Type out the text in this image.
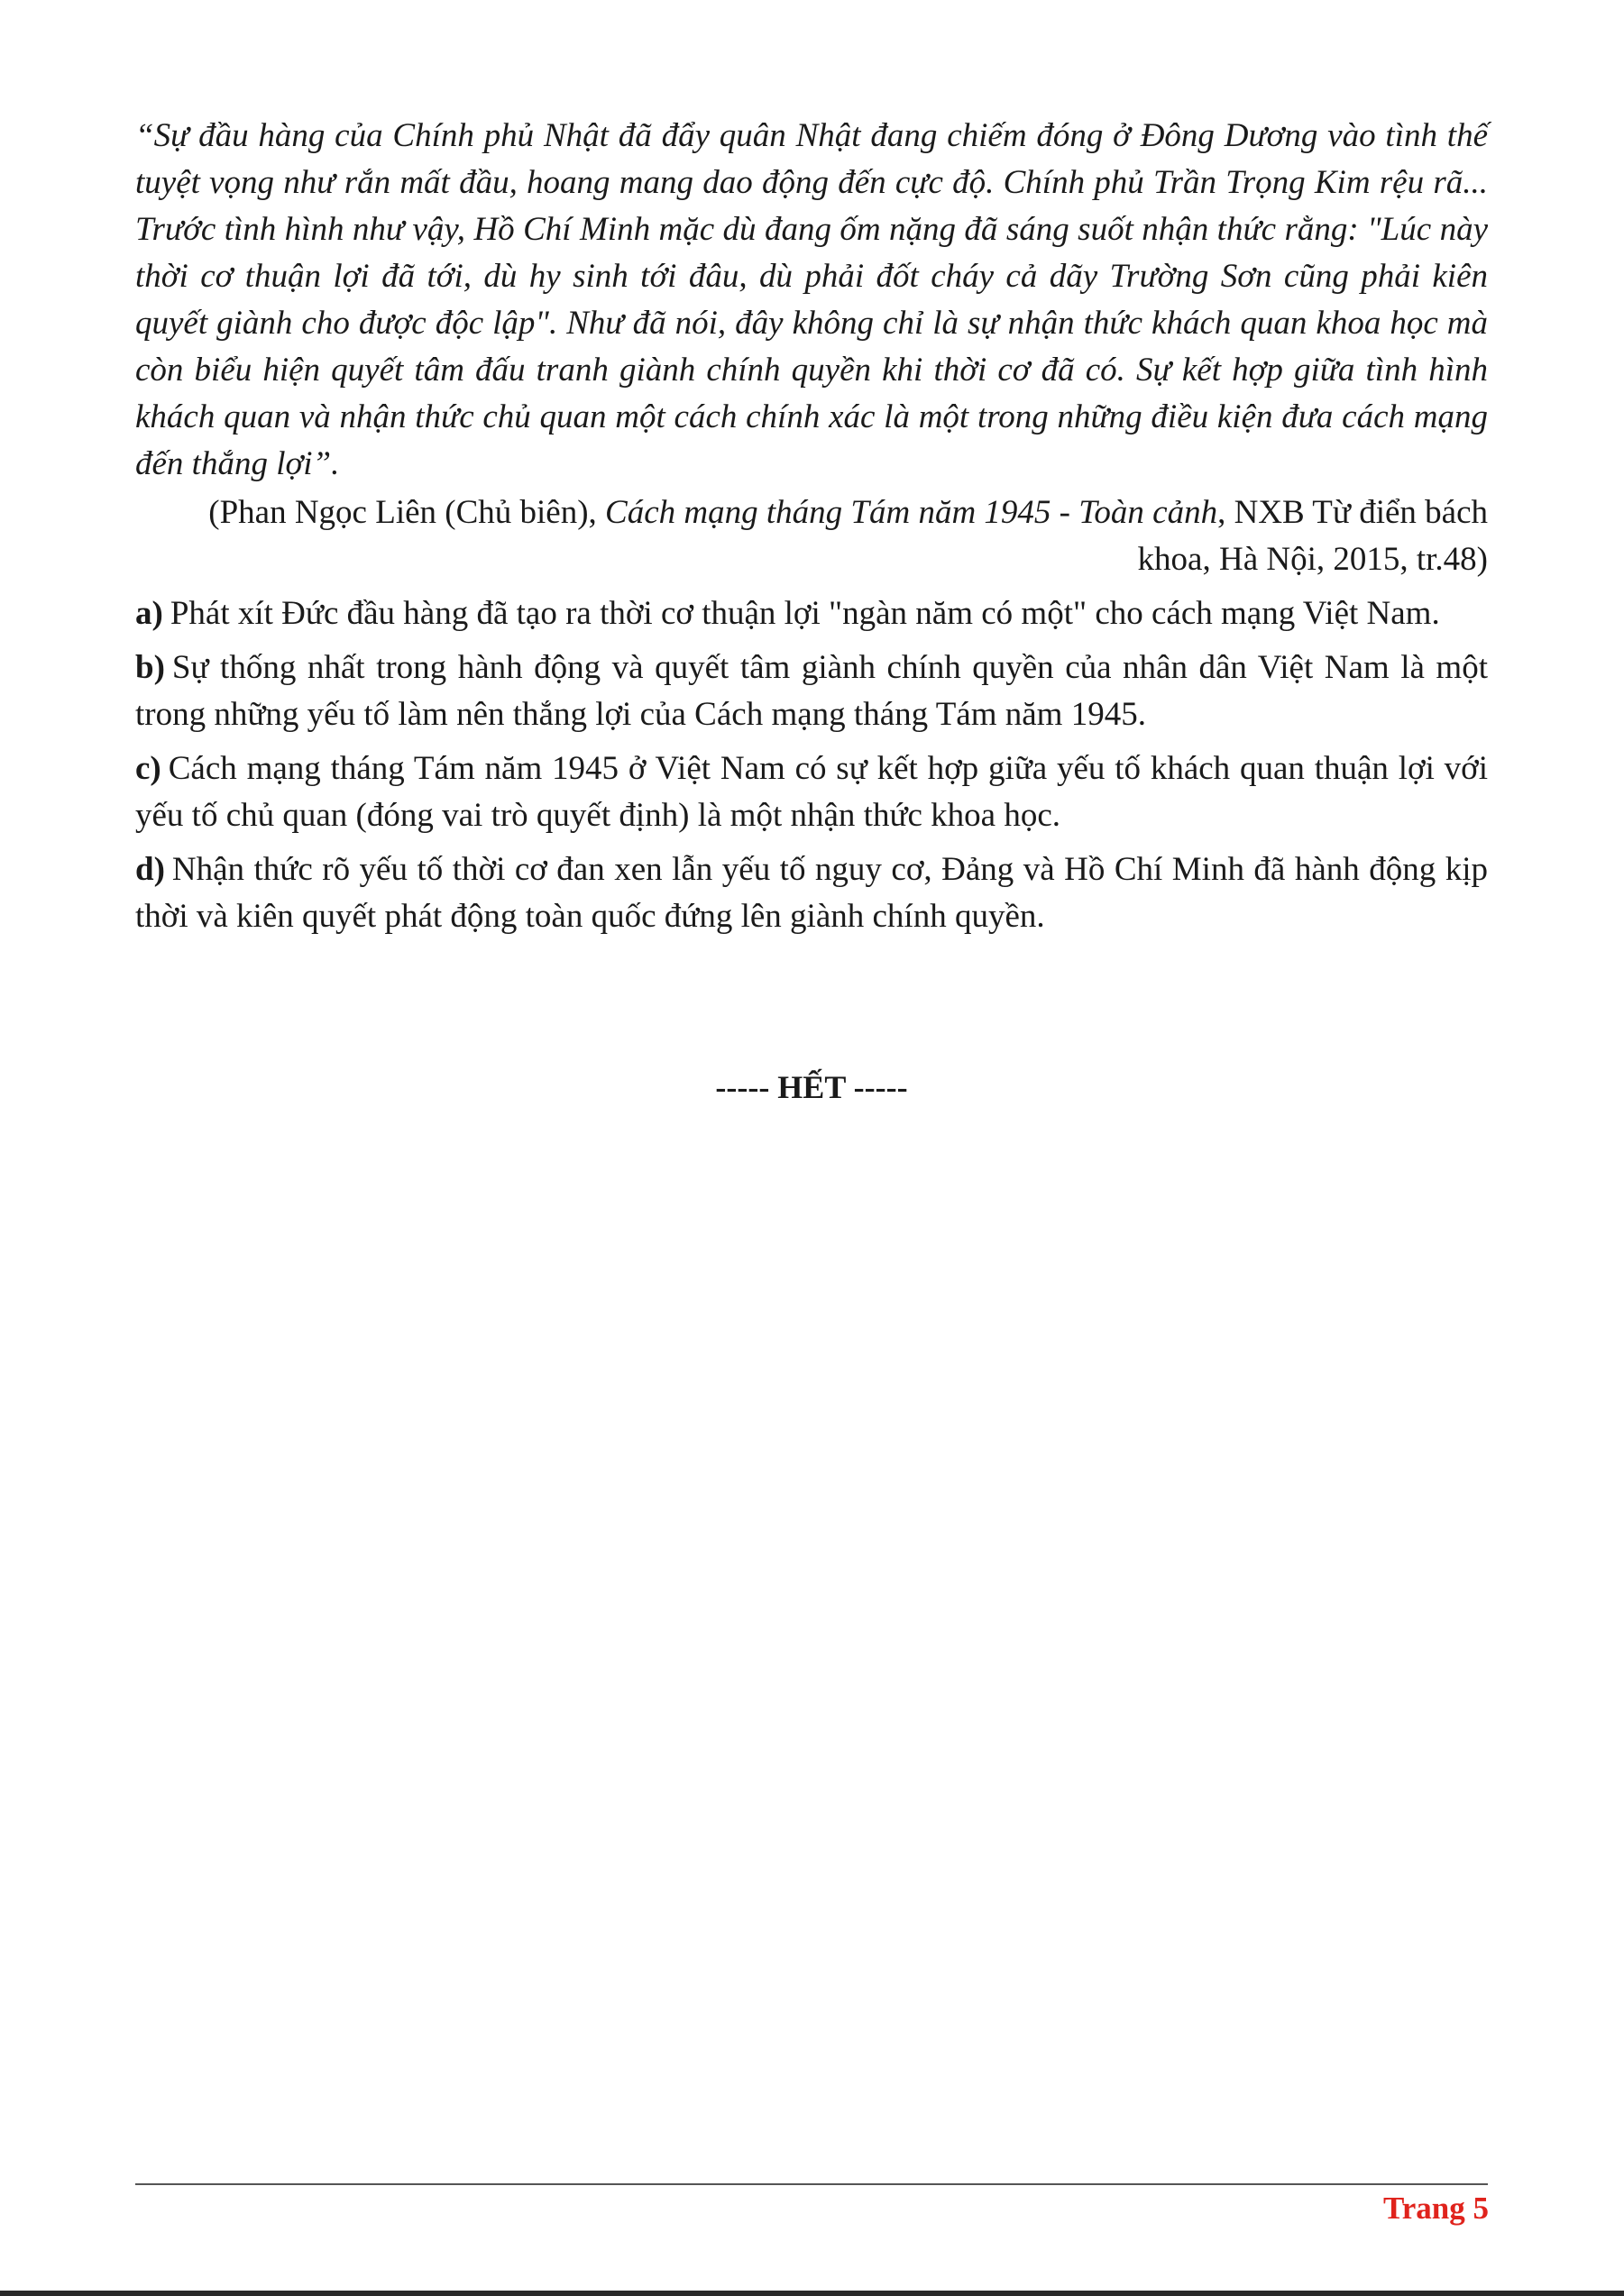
“Sự đầu hàng của Chính phủ Nhật đã đẩy quân Nhật đang chiếm đóng ở Đông Dương vào tình thế tuyệt vọng như rắn mất đầu, hoang mang dao động đến cực độ. Chính phủ Trần Trọng Kim rệu rã... Trước tình hình như vậy, Hồ Chí Minh mặc dù đang ốm nặng đã sáng suốt nhận thức rằng: "Lúc này thời cơ thuận lợi đã tới, dù hy sinh tới đâu, dù phải đốt cháy cả dãy Trường Sơn cũng phải kiên quyết giành cho được độc lập". Như đã nói, đây không chỉ là sự nhận thức khách quan khoa học mà còn biểu hiện quyết tâm đấu tranh giành chính quyền khi thời cơ đã có. Sự kết hợp giữa tình hình khách quan và nhận thức chủ quan một cách chính xác là một trong những điều kiện đưa cách mạng đến thắng lợi”.

(Phan Ngọc Liên (Chủ biên), Cách mạng tháng Tám năm 1945 - Toàn cảnh, NXB Từ điển bách khoa, Hà Nội, 2015, tr.48)

a) Phát xít Đức đầu hàng đã tạo ra thời cơ thuận lợi "ngàn năm có một" cho cách mạng Việt Nam.

b) Sự thống nhất trong hành động và quyết tâm giành chính quyền của nhân dân Việt Nam là một trong những yếu tố làm nên thắng lợi của Cách mạng tháng Tám năm 1945.

c) Cách mạng tháng Tám năm 1945 ở Việt Nam có sự kết hợp giữa yếu tố khách quan thuận lợi với yếu tố chủ quan (đóng vai trò quyết định) là một nhận thức khoa học.

d) Nhận thức rõ yếu tố thời cơ đan xen lẫn yếu tố nguy cơ, Đảng và Hồ Chí Minh đã hành động kịp thời và kiên quyết phát động toàn quốc đứng lên giành chính quyền.

----- HẾT -----
Trang 5
